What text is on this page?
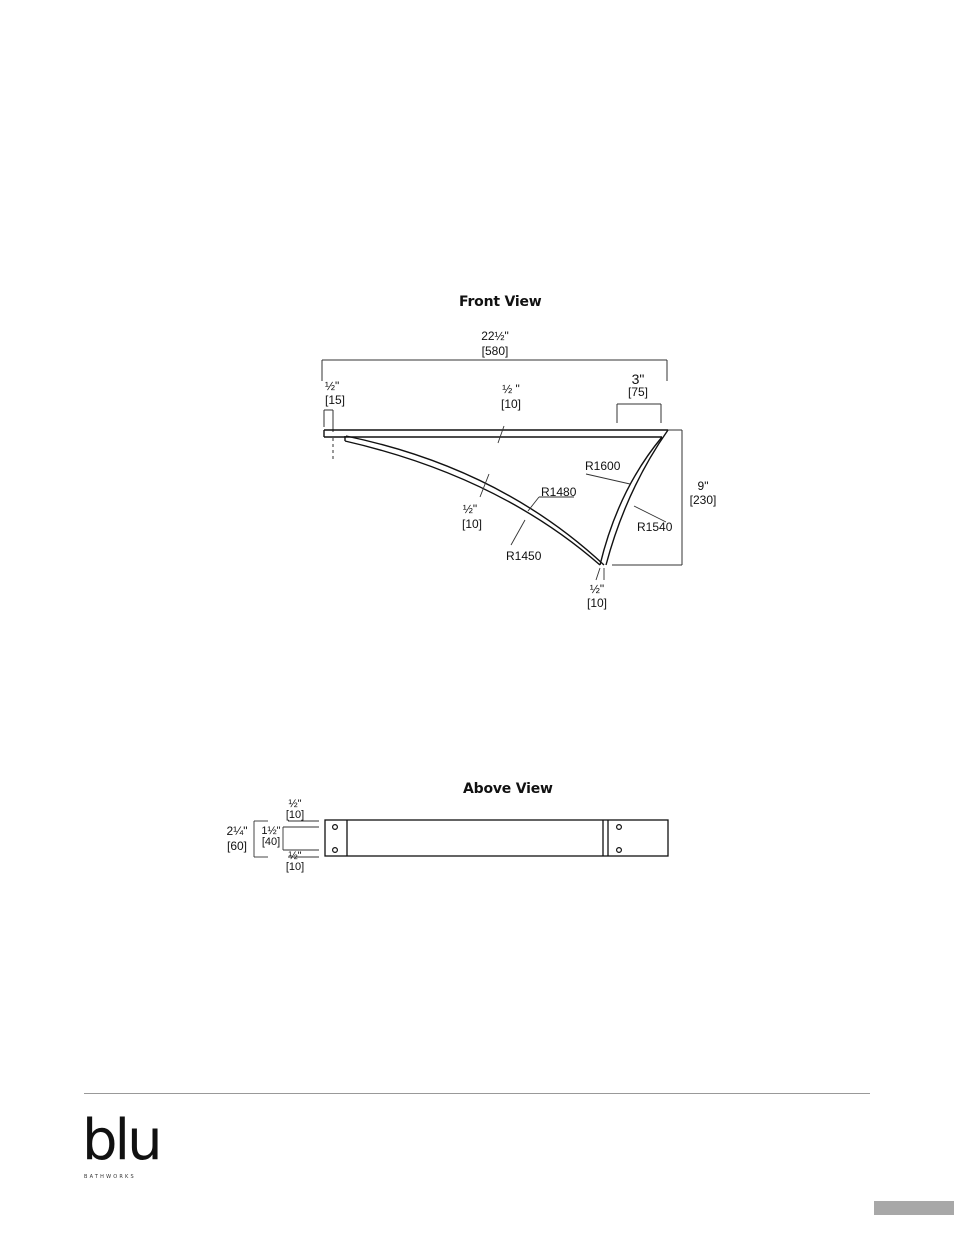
Front View
22½"
[580]
½"
[15]
½ "
[10]
3"
[75]
9"
[230]
R1600
R1480
R1540
R1450
½"
[10]
½"
[10]
Above View
2¼"
[60]
1½"
[40]
½"
[10]
½"
[10]
blu
BATHWORKS
